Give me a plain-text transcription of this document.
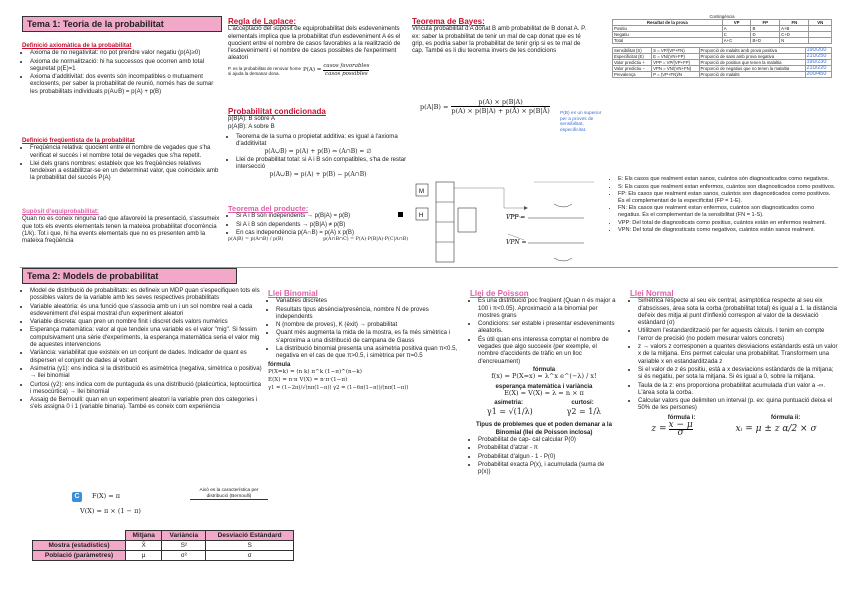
Tema 1: Teoria de la probabilitat
Definició axiomàtica de la probabilitat
• Axioma de no negativitat: no pot prendre valor negatiu (p(A)≥0)
• Axioma de normalització: hi ha successos que ocorren amb total seguretat p(E)=1
• Axioma d'additivitat: dos events són incompatibles o mutuament exclosents, per saber la probabilitat de reunió, només has de sumar les probabilitats individuals p(A∪B) = p(A) + p(B)
Definició freqüentista de la probabilitat
• Freqüència relativa: quocient entre el nombre de vegades que s'ha verificat el succés i el nombre total de vegades que s'ha repetit.
• Llei dels grans nombres: estableix que les freqüències relatives tendeixen a estabilitzar-se en un determinat valor, que coincideix amb la probabilitat del succés P(A)
Supòsit d'equiprobabilitat:
Quan no es coneix ninguna raó que afavoreixi la presentació, s'assumeix que tots els events elementals tenen la mateixa probabilitat d'ocorrència (1/k). Tot i que, hi ha events elementals que no es presenten amb la mateixa freqüència
Regla de Laplace:
L'acceptació del supòsit de equiprobabilitat dels esdeveniments elementals implica que la probabilitat d'un esdeveniment A és el quocient entre el nombre de casos favorables a la realització de l'esdeveniment i el nombre de casos possibles de l'experiment aleatori
P. es la probabilitat de renovar home si ajuda la demanar dona.
P(A) =
casos favorables
casos possibles
Probabilitat condicionada
p(B|A): B sobre A
p(A|B): A sobre B
• Teorema de la suma o propietat additiva: es igual a l'axioma d'additivitat
p(A∪B) = p(A) + p(B) ⇔ (A∩B) = ∅
• Llei de probabilitat total: si A i B són compatibles, s'ha de restar intersecció
p(A∪B) = p(A) + p(B) − p(A∩B)
Teorema del producte:
• Si A i B són independents → p(B|A) = p(B)
• Si A i B són dependents → p(B|A) ≠ p(B)
• En cas independència p(A∩B) = p(A) x p(B)
p(A|B) = p(A∩B) / p(B)	p(A∩B∩C) = P(A)·P(B|A)·P(C|A∩B)
Teorema de Bayes:
Vincula probabilitat d'A donat B amb probabilitat de B donat A. P. ex: saber la probabilitat de tenir un mal de cap donat que es té grip, es podria saber la probabilitat de tenir grip si es te mal de cap. També es li diu teorema invers de les condicions
$p(A|B) = \frac{p(A) \times p(B|A)}{p(A) \times p(B|A) + p(Ā) \times p(B|Ā)} P(B)$ es un superior per a proves de sensibilitat, especificitat.
M
H	VPP =
VPN =
Contingència
Resultat de la prova	VP	FP	FN	VN
Positiu	A	B	A+B	
Negatiu	C	D	C+D	
Total	A+C	B+D	N	
Sensibilitat (S)	S = VP/(VP+FN)	Proporció de malalts amb prova positiva	190/200
Especificitat (E)	E = VN/(VN+FP)	Proporció de sans amb prova negativa	210/250
Valor predictiu +	VPP = VP/(VP+FP)	Proporció de positius que tenen la malaltia	190/230
Valor predictiu −	VPN = VN/(VN+FN)	Proporció de negatius que no tenen la malaltia	210/220
Prevalença	P = (VP+FN)/N	Proporció de malalts	200/450
• E: Els casos que realment estan sanos, cuántos són diagnosticados como negativos.
• S: Els casos que realment estan enfermos, cuántos son diagnosticados como positivos.
• FP: Els casos que realment estan sanos, cuántos son diagnosticados como positivos. És el complementari de la especificitat (FP = 1-E).
• FN: Els casos que realment estan enfermos, cuántos son diagnosticados como negatius. És el complementari de la sensibilitat (FN = 1-S).
• VPP: Del total de diagnosticats como positius, cuántos están en enfermos realment.
• VPN: Del total de diagnosticats como negativos, cuántos están sanos realment.
Tema 2: Models de probabilitat
• Model de distribució de probabilitats: es defineix un MDP quan s'especifiquen tots els possibles valors de la variable amb les seves respectives probabilitats
• Variable aleatòria: és una funció que s'associa amb un i un sol nombre real a cada esdeveniment d'el espai mostral d'un experiment aleatori
• Variable discreta: quan pren un nombre finit i discret dels valors numèrics
• Esperança matemàtica: valor al que tendeix una variable es el valor "mig". Si fessim compulsivament una sèrie d'experiments, la esperança matemàtica seria el valor mig de aquestes intervencions
• Variància: variabilitat que existeix en un conjunt de dades. Indicador de quant es dispersen el conjunt de dades al voltant
• Asimetria (γ1): ens indica si la distribució es asimètrica (negativa, simètrica o positiva) → llei binomial
• Curtosi (γ2): ens indica com de puntaguda és una distribució (platicúrtica, leptocúrtica i mesocúrtica) → llei binomial
• Assaig de Bernoulli: quan en un experiment aleatori la variable pren dos categories i s'els assigna 0 i 1 (variable binaria). També es coneix com experiència
C	F(X) = π
V(X) = π × (1 − π)
Això es la característica per distribució (Bernoulli)
	Mitjana	Variància	Desviació Estàndard
Mostra (estadístics)	X̄	S²	S
Població (paràmetres)	μ	σ²	σ
Llei Binomial
• Variables discretes
• Resultats tipus absència/presència, nombre N de proves independents
• N (nombre de proves), K (èxit) → probabilitat
• Quant més augmenta la mida de la mostra, es fa més simètrica i s'aproxima a una distribució de campana de Gauss
• La distribució binomial presenta una asimetria positiva quan π<0.5, negativa en el cas de que π>0.5, i simètrica per π=0.5
fórmula
P(X=k) = (n k) π^k (1−π)^(n−k)
E(X) = n·π V(X) = n·π·(1−π)
γ1 = (1−2π)/√(nπ(1−π)) γ2 = (1−6π(1−π))/(nπ(1−π))
Llei de Poisson
• És una distribució poc freqüent (Quan n és major a 100 i π<0.05). Aproximació a la binomial per mostres grans
• Condicions: ser estable i presentar esdeveniments aleatoris.
• És útil quan ens interessa comptar el nombre de vegades que algo succeeix (per exemple, el nombre d'accidents de tràfic en un lloc d'encreuament)
fórmula
f(x) = P(X=x) = λ^x e^(−λ) / x!
esperança matemàtica i variància
E(X) = V(X) = λ = n × π
asimetria:	curtosi:
γ1 = √(1/λ)	γ2 = 1/λ
Tipus de problemes que et poden demanar a la Binomial (llei de Poisson inclosa)
• Probabilitat de cap- cal calcular P(0)
• Probabilitat d'atzar - π
• Probabilitat d'algun - 1 - P(0)
• Probabilitat exacta P(x), i acumulada (suma de p(x))
Llei Normal
• Simètrica respecte al seu eix central, asimptòtica respecte al seu eix d'abscisses, àrea sota la corba (probabilitat total) és igual a 1. la distància del'eix des mitja al punt d'inflexió correspon al valor de la desviació estàndard (σ)
• Utilitzem l'estandardització per fer aquests càlculs. I tenim en compte l'error de precisió (no podem mesurar valors concrets)
• z → valors z corresponen a quantes desviacions estàndards està un valor x de la mitjana. Ens permet calcular una probabilitat. Transformem una variable x en estandarditzada z
• Si el valor de z és positiu, està a x desviacions estàndards de la mitjana; si és negatiu, per sota la mitjana. Si és igual a 0, sobre la mitjana.
• Taula de la z: ens proporciona probabilitat acumulada d'un valor a -∞. L'àrea sota la corba.
• Calcular valors que delimiten un interval (p. ex: quina puntuació deixa el 50% de les persones)
fórmula i:	fórmula ii:
$z = \frac{x - \mu}{\sigma}$	xᵢ = μ ± z α/2 × σ
